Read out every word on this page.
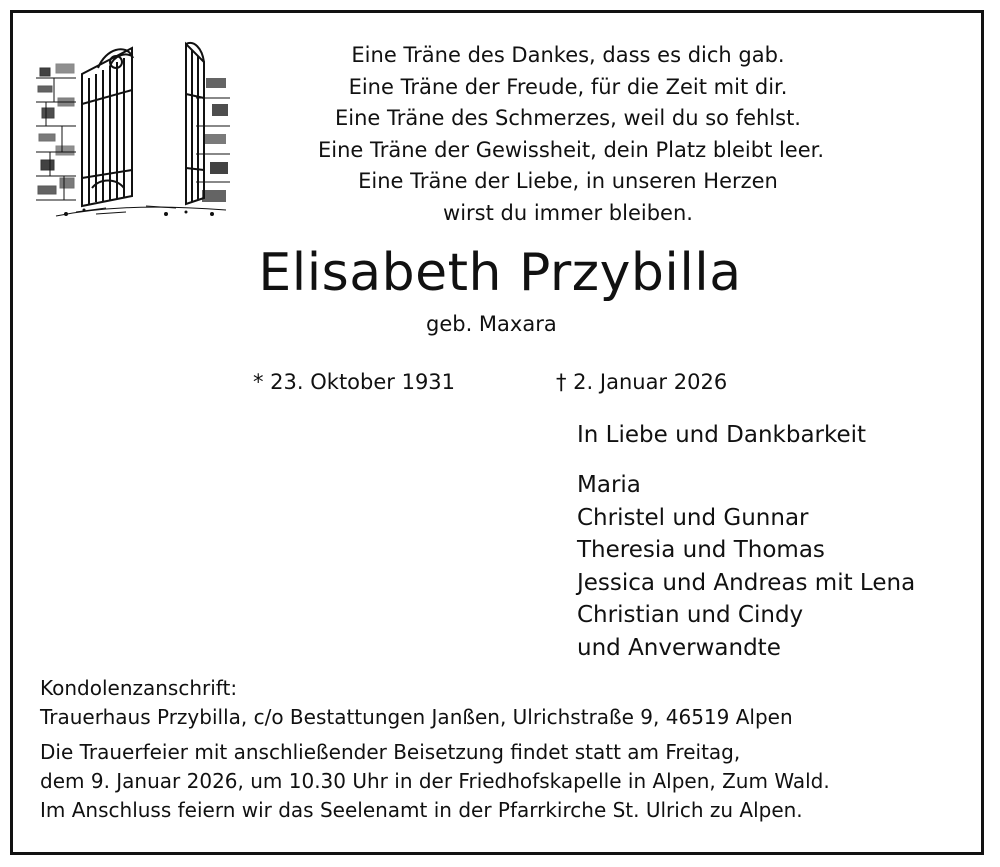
Eine Träne des Dankes, dass es dich gab.
Eine Träne der Freude, für die Zeit mit dir.
Eine Träne des Schmerzes, weil du so fehlst.
Eine Träne der Gewissheit, dein Platz bleibt leer.
Eine Träne der Liebe, in unseren Herzen
wirst du immer bleiben.
Elisabeth Przybilla
geb. Maxara
* 23. Oktober 1931	† 2. Januar 2026
In Liebe und Dankbarkeit
Maria
Christel und Gunnar
Theresia und Thomas
Jessica und Andreas mit Lena
Christian und Cindy
und Anverwandte
Kondolenzanschrift:
Trauerhaus Przybilla, c/o Bestattungen Janßen, Ulrichstraße 9, 46519 Alpen
Die Trauerfeier mit anschließender Beisetzung findet statt am Freitag,
dem 9. Januar 2026, um 10.30 Uhr in der Friedhofskapelle in Alpen, Zum Wald.
Im Anschluss feiern wir das Seelenamt in der Pfarrkirche St. Ulrich zu Alpen.
